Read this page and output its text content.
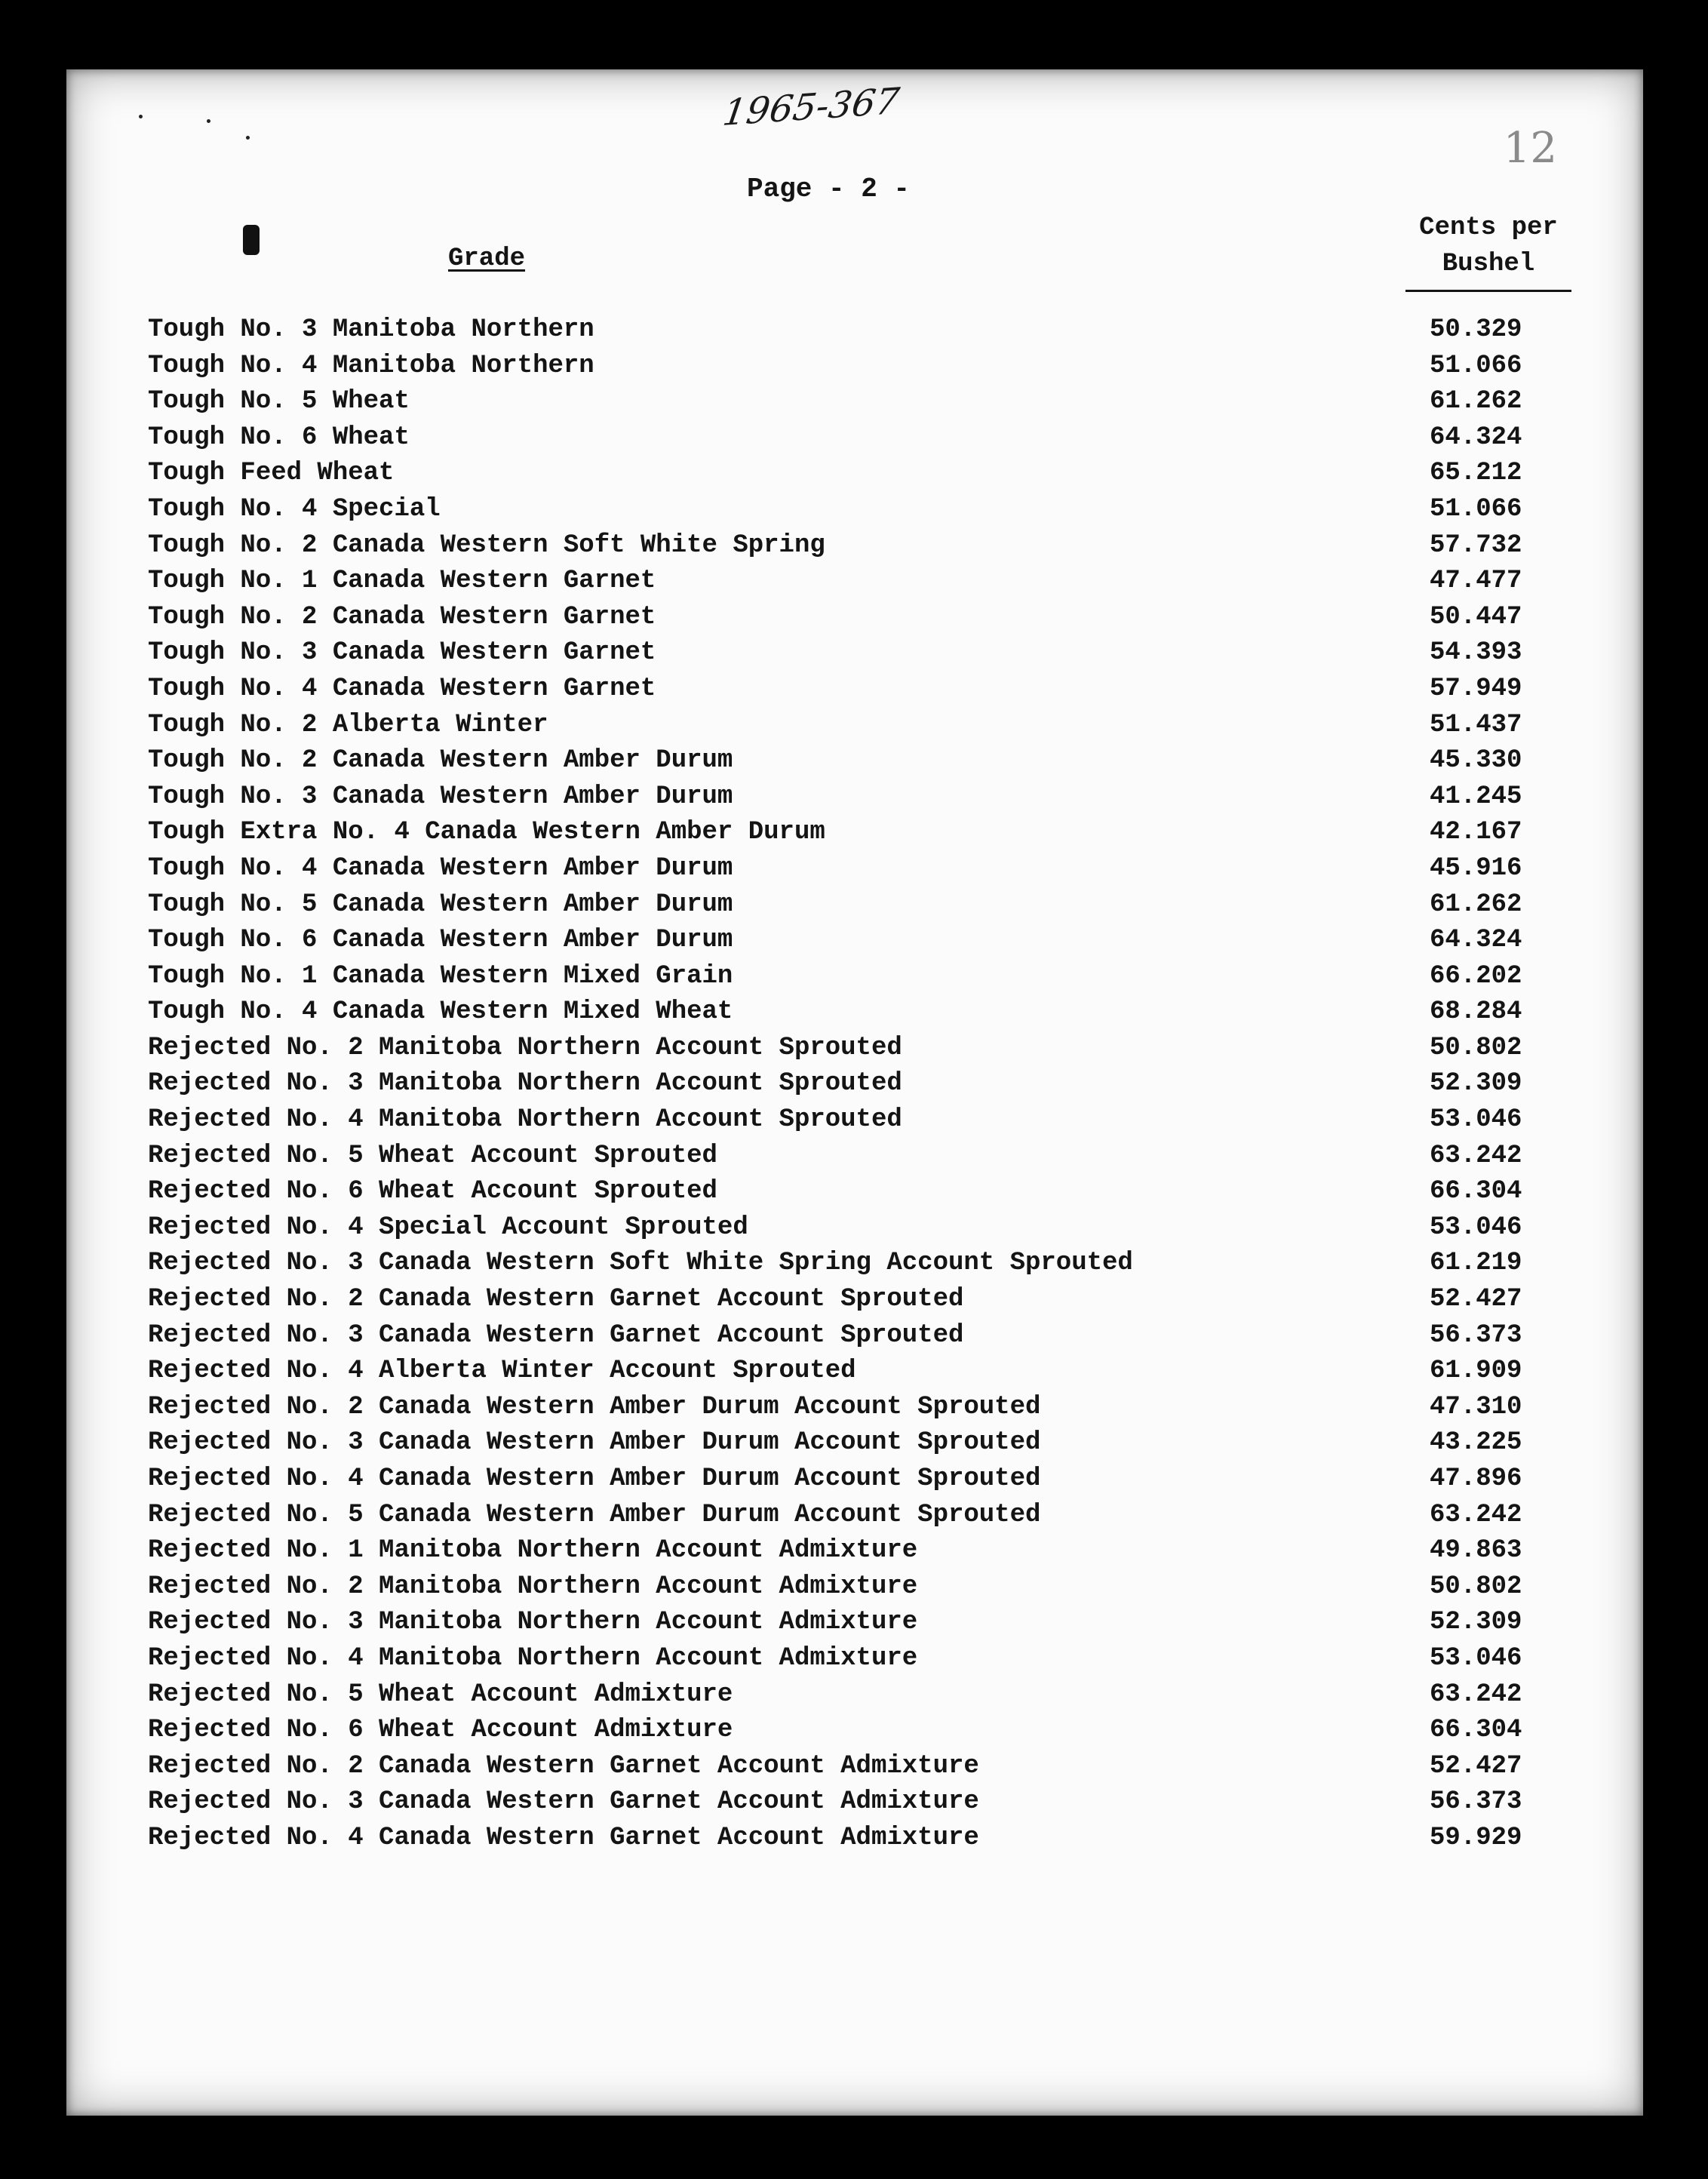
1965-367
12
Page - 2 -
Grade
Cents per
Bushel
Tough No. 3 Manitoba Northern	50.329
Tough No. 4 Manitoba Northern	51.066
Tough No. 5 Wheat	61.262
Tough No. 6 Wheat	64.324
Tough Feed Wheat	65.212
Tough No. 4 Special	51.066
Tough No. 2 Canada Western Soft White Spring	57.732
Tough No. 1 Canada Western Garnet	47.477
Tough No. 2 Canada Western Garnet	50.447
Tough No. 3 Canada Western Garnet	54.393
Tough No. 4 Canada Western Garnet	57.949
Tough No. 2 Alberta Winter	51.437
Tough No. 2 Canada Western Amber Durum	45.330
Tough No. 3 Canada Western Amber Durum	41.245
Tough Extra No. 4 Canada Western Amber Durum	42.167
Tough No. 4 Canada Western Amber Durum	45.916
Tough No. 5 Canada Western Amber Durum	61.262
Tough No. 6 Canada Western Amber Durum	64.324
Tough No. 1 Canada Western Mixed Grain	66.202
Tough No. 4 Canada Western Mixed Wheat	68.284
Rejected No. 2 Manitoba Northern Account Sprouted	50.802
Rejected No. 3 Manitoba Northern Account Sprouted	52.309
Rejected No. 4 Manitoba Northern Account Sprouted	53.046
Rejected No. 5 Wheat Account Sprouted	63.242
Rejected No. 6 Wheat Account Sprouted	66.304
Rejected No. 4 Special Account Sprouted	53.046
Rejected No. 3 Canada Western Soft White Spring Account Sprouted	61.219
Rejected No. 2 Canada Western Garnet Account Sprouted	52.427
Rejected No. 3 Canada Western Garnet Account Sprouted	56.373
Rejected No. 4 Alberta Winter Account Sprouted	61.909
Rejected No. 2 Canada Western Amber Durum Account Sprouted	47.310
Rejected No. 3 Canada Western Amber Durum Account Sprouted	43.225
Rejected No. 4 Canada Western Amber Durum Account Sprouted	47.896
Rejected No. 5 Canada Western Amber Durum Account Sprouted	63.242
Rejected No. 1 Manitoba Northern Account Admixture	49.863
Rejected No. 2 Manitoba Northern Account Admixture	50.802
Rejected No. 3 Manitoba Northern Account Admixture	52.309
Rejected No. 4 Manitoba Northern Account Admixture	53.046
Rejected No. 5 Wheat Account Admixture	63.242
Rejected No. 6 Wheat Account Admixture	66.304
Rejected No. 2 Canada Western Garnet Account Admixture	52.427
Rejected No. 3 Canada Western Garnet Account Admixture	56.373
Rejected No. 4 Canada Western Garnet Account Admixture	59.929
